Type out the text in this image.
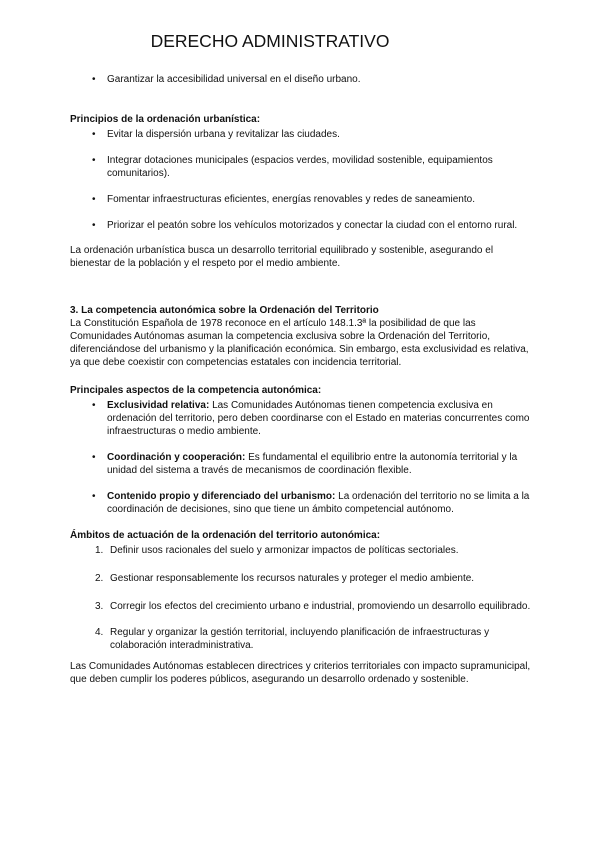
DERECHO ADMINISTRATIVO
•	Garantizar la accesibilidad universal en el diseño urbano.

Principios de la ordenación urbanística:

•	Evitar la dispersión urbana y revitalizar las ciudades.
•	Integrar dotaciones municipales (espacios verdes, movilidad sostenible, equipamientos comunitarios).
•	Fomentar infraestructuras eficientes, energías renovables y redes de saneamiento.
•	Priorizar el peatón sobre los vehículos motorizados y conectar la ciudad con el entorno rural.

La ordenación urbanística busca un desarrollo territorial equilibrado y sostenible, asegurando el bienestar de la población y el respeto por el medio ambiente.

3. La competencia autonómica sobre la Ordenación del Territorio

La Constitución Española de 1978 reconoce en el artículo 148.1.3ª la posibilidad de que las Comunidades Autónomas asuman la competencia exclusiva sobre la Ordenación del Territorio, diferenciándose del urbanismo y la planificación económica. Sin embargo, esta exclusividad es relativa, ya que debe coexistir con competencias estatales con incidencia territorial.

Principales aspectos de la competencia autonómica:

•	Exclusividad relativa: Las Comunidades Autónomas tienen competencia exclusiva en ordenación del territorio, pero deben coordinarse con el Estado en materias concurrentes como infraestructuras o medio ambiente.
•	Coordinación y cooperación: Es fundamental el equilibrio entre la autonomía territorial y la unidad del sistema a través de mecanismos de coordinación flexible.
•	Contenido propio y diferenciado del urbanismo: La ordenación del territorio no se limita a la coordinación de decisiones, sino que tiene un ámbito competencial autónomo.

Ámbitos de actuación de la ordenación del territorio autonómica:

1. Definir usos racionales del suelo y armonizar impactos de políticas sectoriales.
2. Gestionar responsablemente los recursos naturales y proteger el medio ambiente.
3. Corregir los efectos del crecimiento urbano e industrial, promoviendo un desarrollo equilibrado.
4. Regular y organizar la gestión territorial, incluyendo planificación de infraestructuras y colaboración interadministrativa.

Las Comunidades Autónomas establecen directrices y criterios territoriales con impacto supramunicipal, que deben cumplir los poderes públicos, asegurando un desarrollo ordenado y sostenible.
